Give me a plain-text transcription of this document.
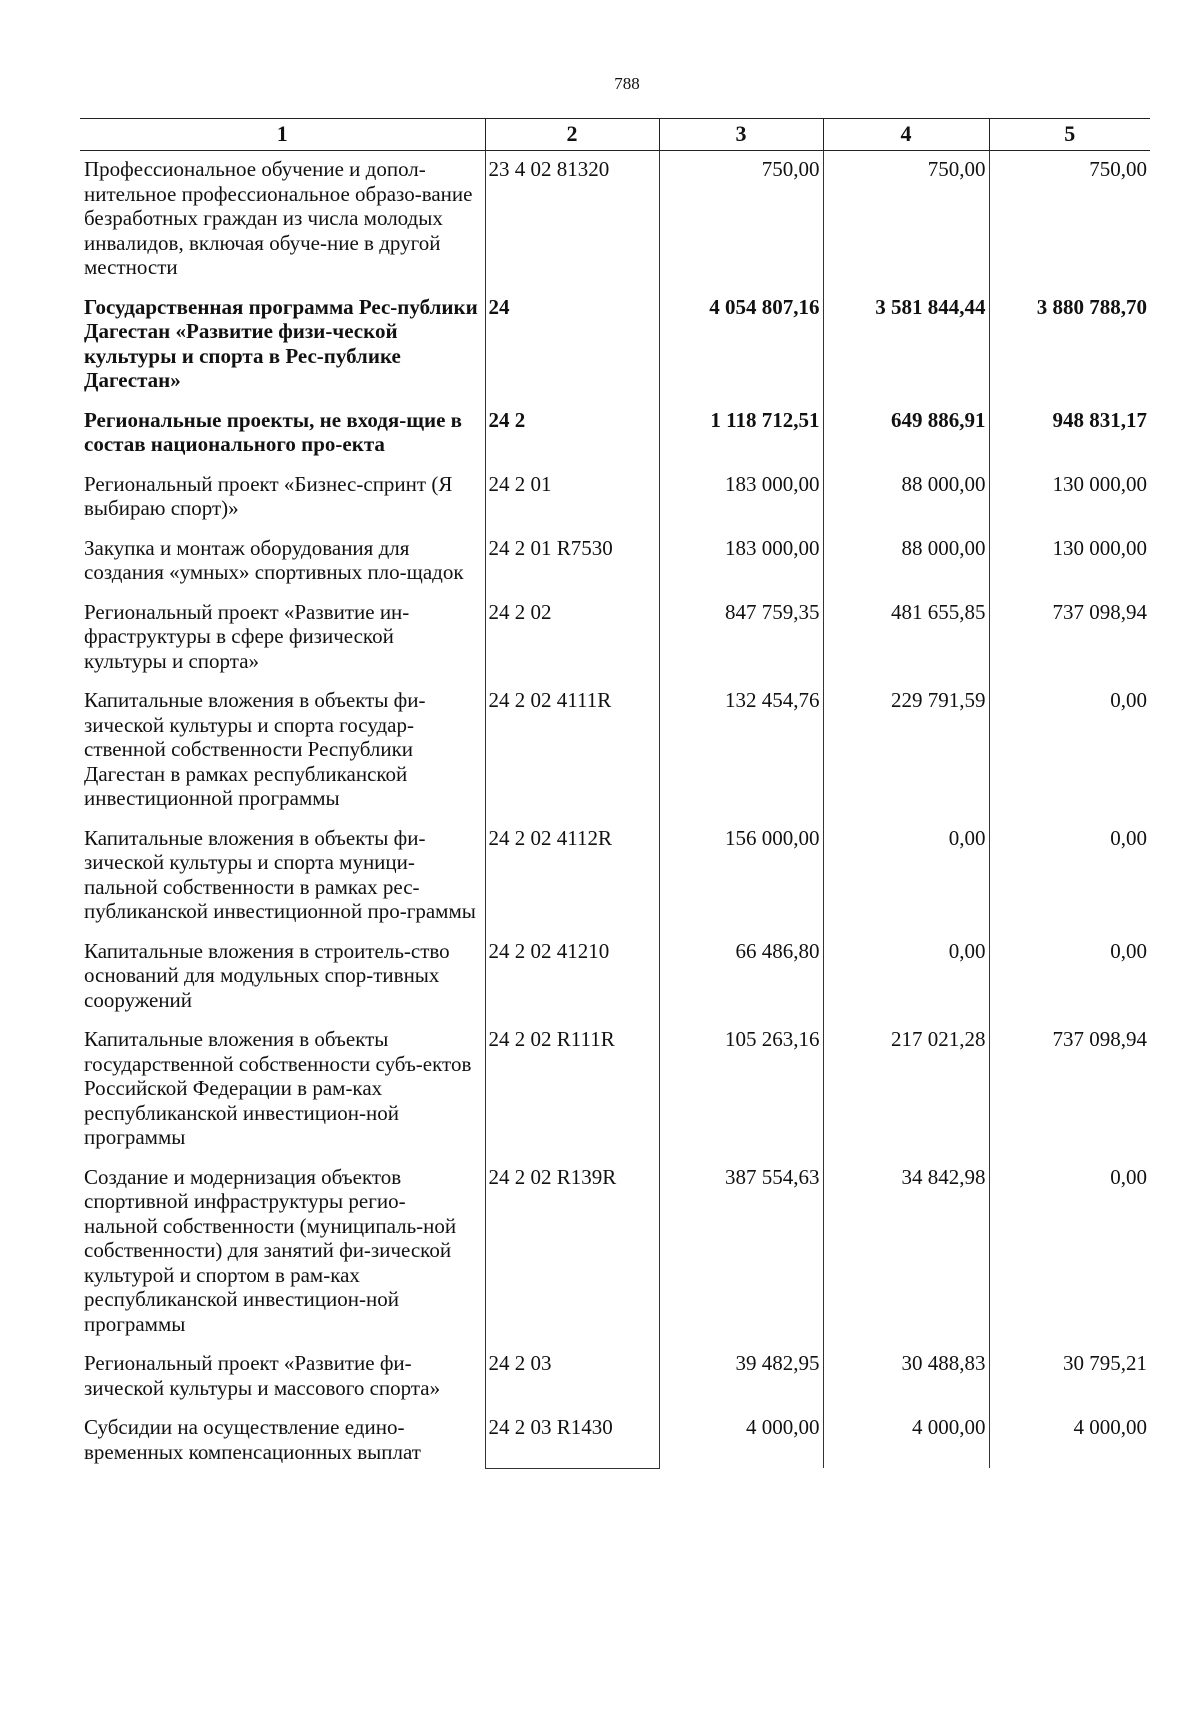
788
1	2	3	4	5
Профессиональное обучение и допол-нительное профессиональное образо-вание безработных граждан из числа молодых инвалидов, включая обуче-ние в другой местности	23 4 02 81320	750,00	750,00	750,00
Государственная программа Рес-публики Дагестан «Развитие физи-ческой культуры и спорта в Рес-публике Дагестан»	24	4 054 807,16	3 581 844,44	3 880 788,70
Региональные проекты, не входя-щие в состав национального про-екта	24 2	1 118 712,51	649 886,91	948 831,17
Региональный проект «Бизнес-спринт (Я выбираю спорт)»	24 2 01	183 000,00	88 000,00	130 000,00
Закупка и монтаж оборудования для создания «умных» спортивных пло-щадок	24 2 01 R7530	183 000,00	88 000,00	130 000,00
Региональный проект «Развитие ин-фраструктуры в сфере физической культуры и спорта»	24 2 02	847 759,35	481 655,85	737 098,94
Капитальные вложения в объекты фи-зической культуры и спорта государ-ственной собственности Республики Дагестан в рамках республиканской инвестиционной программы	24 2 02 4111R	132 454,76	229 791,59	0,00
Капитальные вложения в объекты фи-зической культуры и спорта муници-пальной собственности в рамках рес-публиканской инвестиционной про-граммы	24 2 02 4112R	156 000,00	0,00	0,00
Капитальные вложения в строитель-ство оснований для модульных спор-тивных сооружений	24 2 02 41210	66 486,80	0,00	0,00
Капитальные вложения в объекты государственной собственности субъ-ектов Российской Федерации в рам-ках республиканской инвестицион-ной программы	24 2 02 R111R	105 263,16	217 021,28	737 098,94
Создание и модернизация объектов спортивной инфраструктуры регио-нальной собственности (муниципаль-ной собственности) для занятий фи-зической культурой и спортом в рам-ках республиканской инвестицион-ной программы	24 2 02 R139R	387 554,63	34 842,98	0,00
Региональный проект «Развитие фи-зической культуры и массового спорта»	24 2 03	39 482,95	30 488,83	30 795,21
Субсидии на осуществление едино-временных компенсационных выплат	24 2 03 R1430	4 000,00	4 000,00	4 000,00
